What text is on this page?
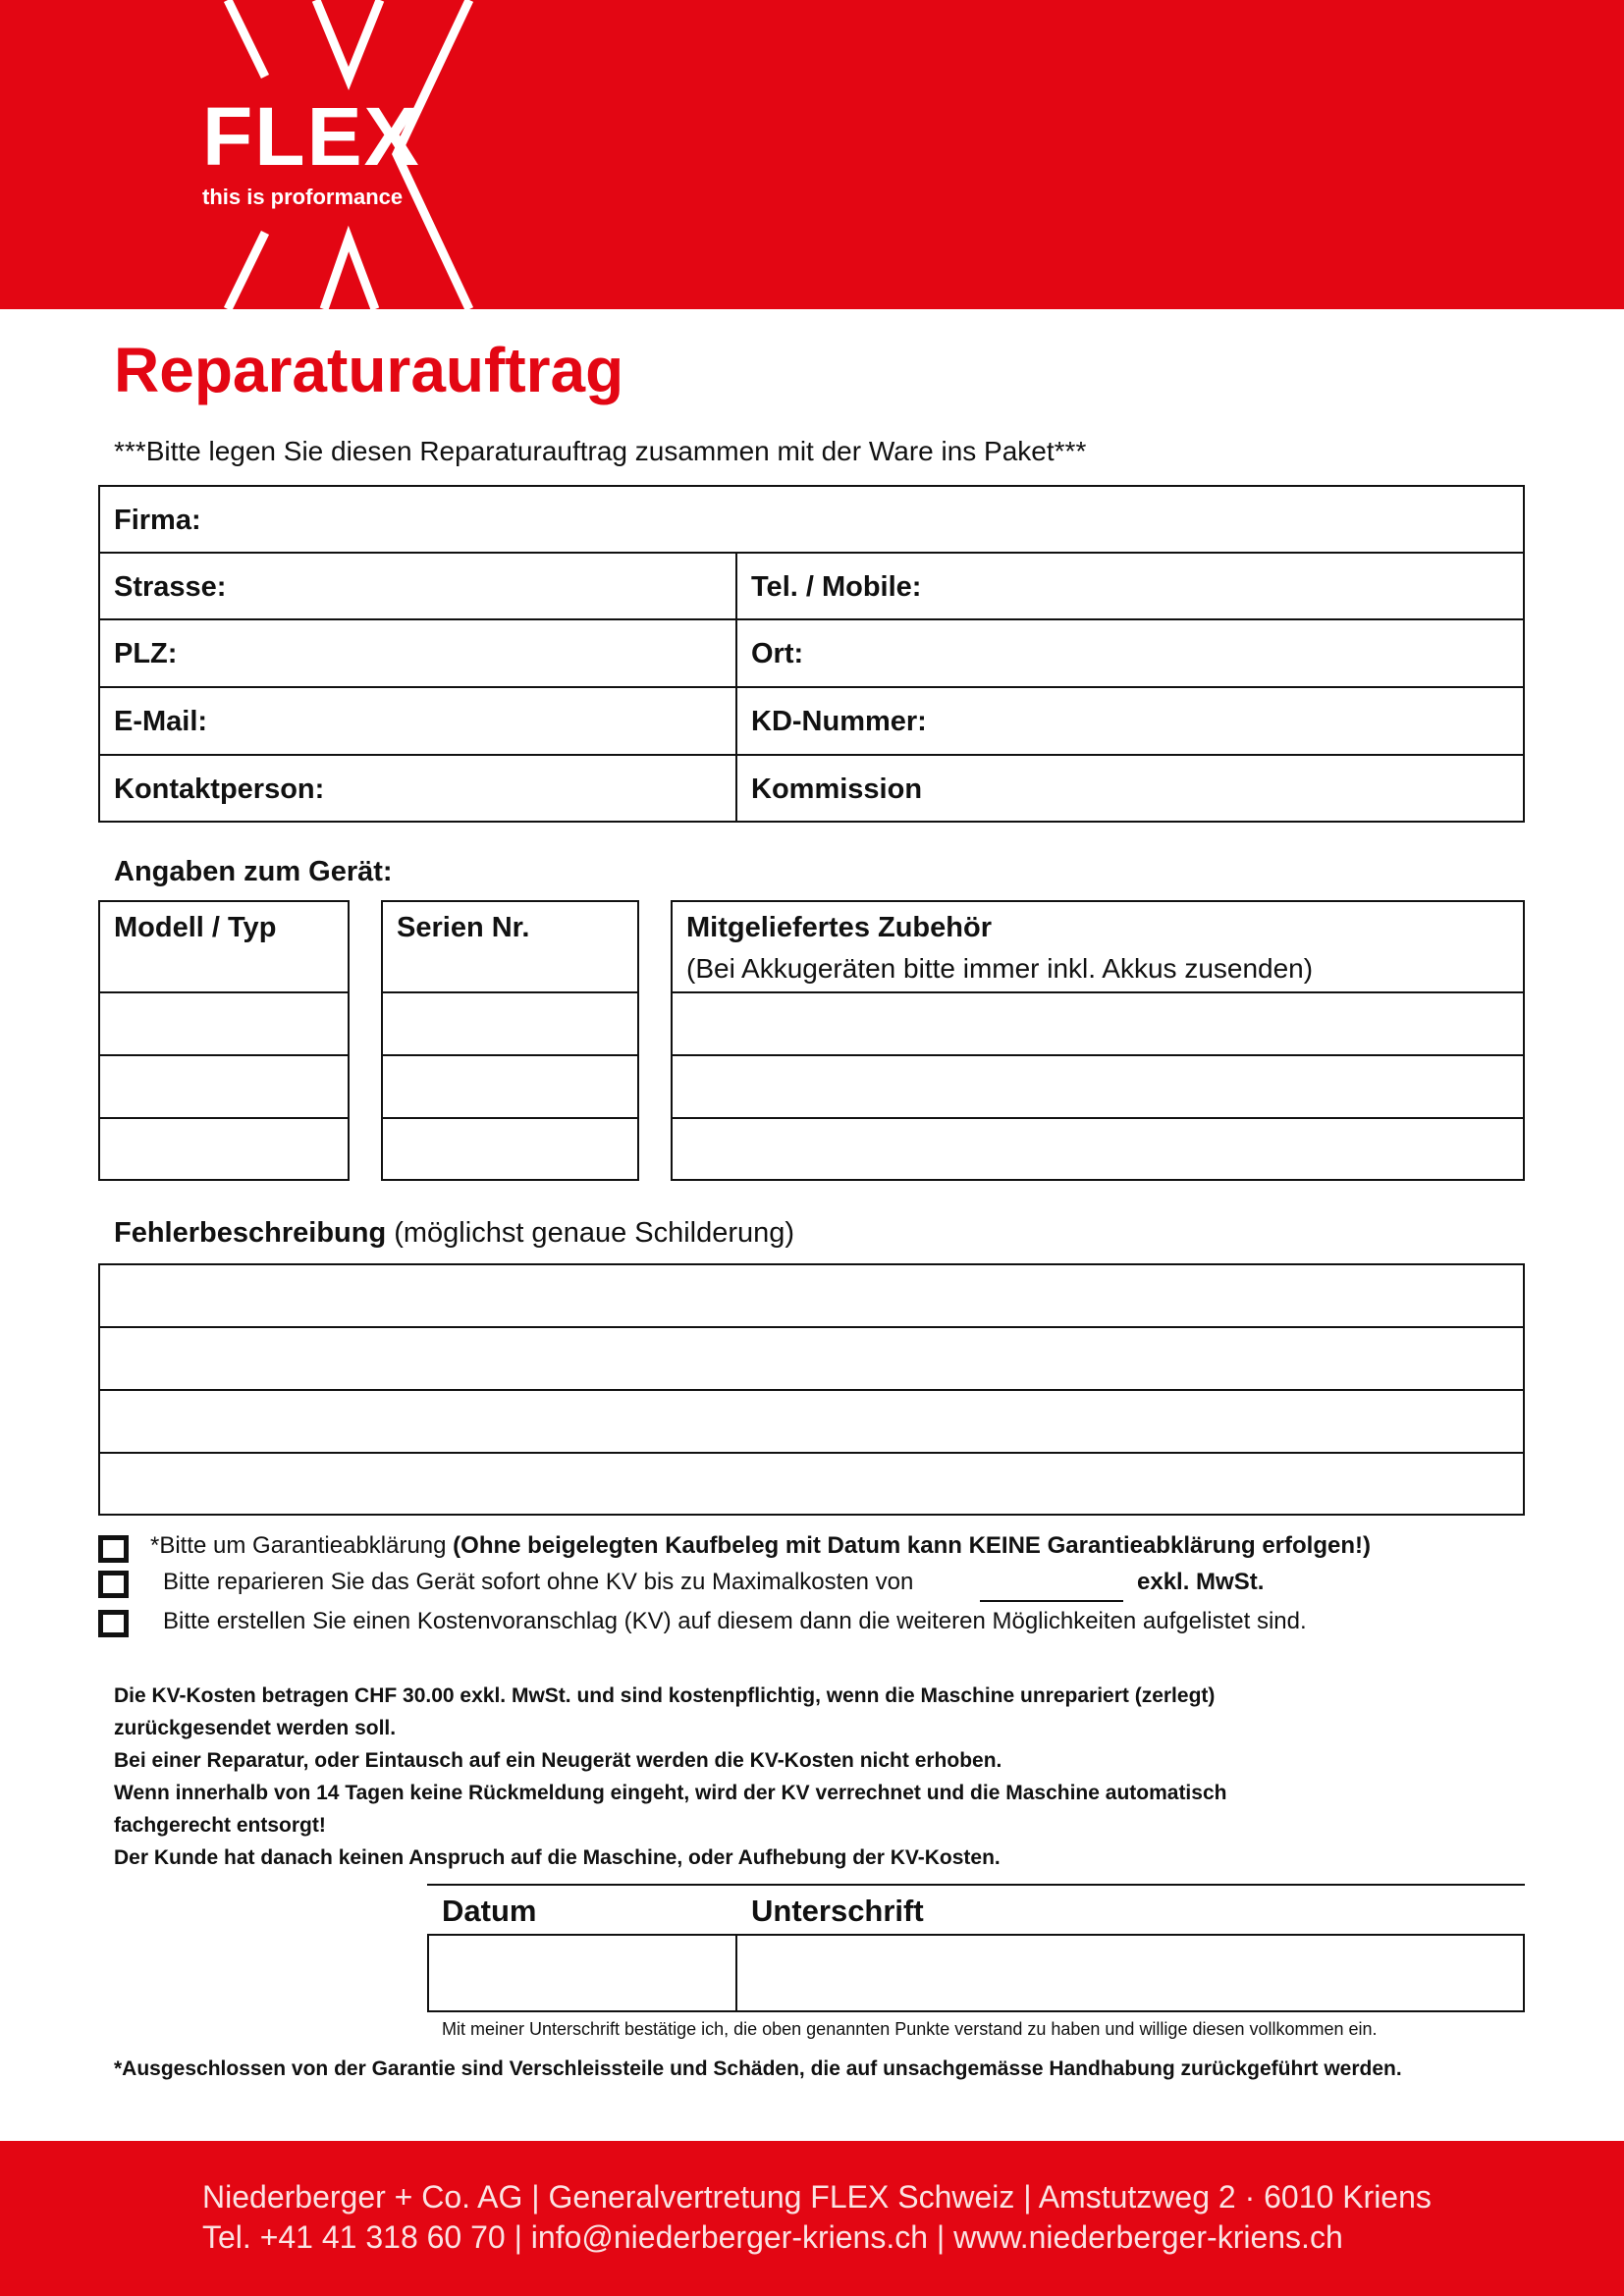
FLEX
this is proformance
Reparaturauftrag
***Bitte legen Sie diesen Reparaturauftrag zusammen mit der Ware ins Paket***
Firma:
Strasse:	Tel. / Mobile:
PLZ:	Ort:
E-Mail:	KD-Nummer:
Kontaktperson:	Kommission
Angaben zum Gerät:
Modell / Typ	Serien Nr.	Mitgeliefertes Zubehör
(Bei Akkugeräten bitte immer inkl. Akkus zusenden)
Fehlerbeschreibung (möglichst genaue Schilderung)
*Bitte um Garantieabklärung (Ohne beigelegten Kaufbeleg mit Datum kann KEINE Garantieabklärung erfolgen!)
Bitte reparieren Sie das Gerät sofort ohne KV bis zu Maximalkosten von	exkl. MwSt.
Bitte erstellen Sie einen Kostenvoranschlag (KV) auf diesem dann die weiteren Möglichkeiten aufgelistet sind.
Die KV-Kosten betragen CHF 30.00 exkl. MwSt. und sind kostenpflichtig, wenn die Maschine unrepariert (zerlegt)
zurückgesendet werden soll.
Bei einer Reparatur, oder Eintausch auf ein Neugerät werden die KV-Kosten nicht erhoben.
Wenn innerhalb von 14 Tagen keine Rückmeldung eingeht, wird der KV verrechnet und die Maschine automatisch
fachgerecht entsorgt!
Der Kunde hat danach keinen Anspruch auf die Maschine, oder Aufhebung der KV-Kosten.
Datum	Unterschrift
Mit meiner Unterschrift bestätige ich, die oben genannten Punkte verstand zu haben und willige diesen vollkommen ein.
*Ausgeschlossen von der Garantie sind Verschleissteile und Schäden, die auf unsachgemässe Handhabung zurückgeführt werden.
Niederberger + Co. AG | Generalvertretung FLEX Schweiz | Amstutzweg 2 · 6010 Kriens
Tel. +41 41 318 60 70 | info@niederberger-kriens.ch | www.niederberger-kriens.ch
